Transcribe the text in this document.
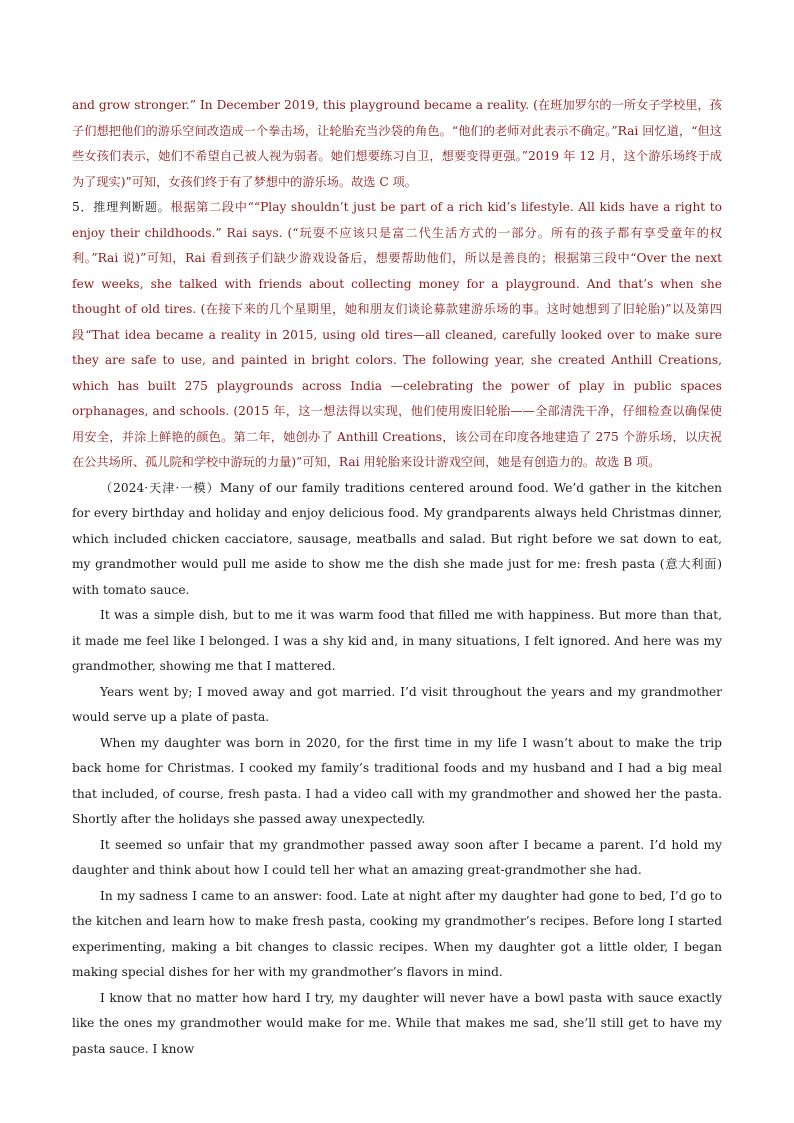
and grow stronger.” In December 2019, this playground became a reality. (在班加罗尔的一所女子学校里，孩子们想把他们的游乐空间改造成一个拳击场，让轮胎充当沙袋的角色。“他们的老师对此表示不确定。”Rai 回忆道，“但这些女孩们表示，她们不希望自己被人视为弱者。她们想要练习自卫，想要变得更强。”2019 年 12 月，这个游乐场终于成为了现实)”可知，女孩们终于有了梦想中的游乐场。故选 C 项。

5．推理判断题。根据第二段中““Play shouldn’t just be part of a rich kid’s lifestyle. All kids have a right to enjoy their childhoods.” Rai says. (“玩耍不应该只是富二代生活方式的一部分。所有的孩子都有享受童年的权利。”Rai 说)”可知，Rai 看到孩子们缺少游戏设备后，想要帮助他们，所以是善良的；根据第三段中“Over the next few weeks, she talked with friends about collecting money for a playground. And that’s when she thought of old tires. (在接下来的几个星期里，她和朋友们谈论募款建游乐场的事。这时她想到了旧轮胎)”以及第四段“That idea became a reality in 2015, using old tires—all cleaned, carefully looked over to make sure they are safe to use, and painted in bright colors. The following year, she created Anthill Creations, which has built 275 playgrounds across India —celebrating the power of play in public spaces orphanages, and schools. (2015 年，这一想法得以实现，他们使用废旧轮胎——全部清洗干净，仔细检查以确保使用安全，并涂上鲜艳的颜色。第二年，她创办了 Anthill Creations，该公司在印度各地建造了 275 个游乐场，以庆祝在公共场所、孤儿院和学校中游玩的力量)”可知，Rai 用轮胎来设计游戏空间，她是有创造力的。故选 B 项。

（2024·天津·一模）Many of our family traditions centered around food. We’d gather in the kitchen for every birthday and holiday and enjoy delicious food. My grandparents always held Christmas dinner, which included chicken cacciatore, sausage, meatballs and salad. But right before we sat down to eat, my grandmother would pull me aside to show me the dish she made just for me: fresh pasta (意大利面) with tomato sauce.

It was a simple dish, but to me it was warm food that filled me with happiness. But more than that, it made me feel like I belonged. I was a shy kid and, in many situations, I felt ignored. And here was my grandmother, showing me that I mattered.

Years went by; I moved away and got married. I’d visit throughout the years and my grandmother would serve up a plate of pasta.

When my daughter was born in 2020, for the first time in my life I wasn’t about to make the trip back home for Christmas. I cooked my family’s traditional foods and my husband and I had a big meal that included, of course, fresh pasta. I had a video call with my grandmother and showed her the pasta. Shortly after the holidays she passed away unexpectedly.

It seemed so unfair that my grandmother passed away soon after I became a parent. I’d hold my daughter and think about how I could tell her what an amazing great-grandmother she had.

In my sadness I came to an answer: food. Late at night after my daughter had gone to bed, I’d go to the kitchen and learn how to make fresh pasta, cooking my grandmother’s recipes. Before long I started experimenting, making a bit changes to classic recipes. When my daughter got a little older, I began making special dishes for her with my grandmother’s flavors in mind.

I know that no matter how hard I try, my daughter will never have a bowl pasta with sauce exactly like the ones my grandmother would make for me. While that makes me sad, she’ll still get to have my pasta sauce. I know
